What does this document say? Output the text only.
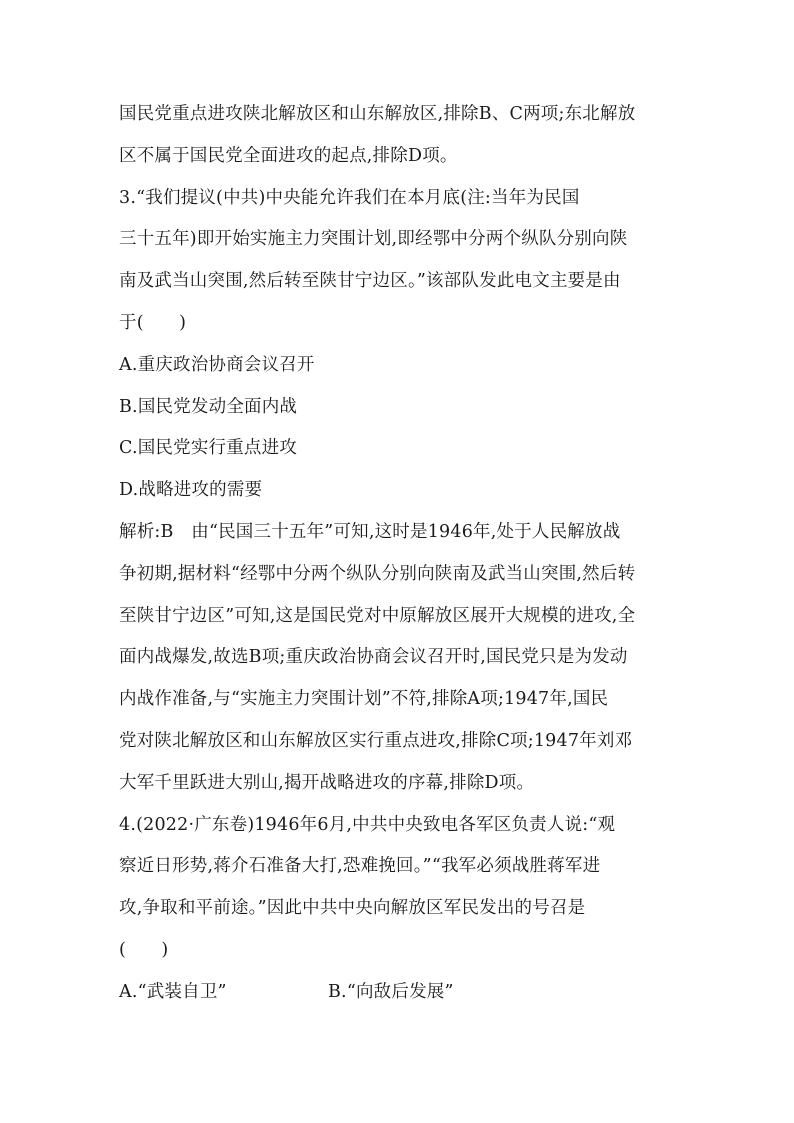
国民党重点进攻陕北解放区和山东解放区,排除B、C两项;东北解放
区不属于国民党全面进攻的起点,排除D项。
3.“我们提议(中共)中央能允许我们在本月底(注:当年为民国
三十五年)即开始实施主力突围计划,即经鄂中分两个纵队分别向陕
南及武当山突围,然后转至陕甘宁边区。”该部队发此电文主要是由
于(　　)
A.重庆政治协商会议召开
B.国民党发动全面内战
C.国民党实行重点进攻
D.战略进攻的需要
解析:B　由“民国三十五年”可知,这时是1946年,处于人民解放战
争初期,据材料“经鄂中分两个纵队分别向陕南及武当山突围,然后转
至陕甘宁边区”可知,这是国民党对中原解放区展开大规模的进攻,全
面内战爆发,故选B项;重庆政治协商会议召开时,国民党只是为发动
内战作准备,与“实施主力突围计划”不符,排除A项;1947年,国民
党对陕北解放区和山东解放区实行重点进攻,排除C项;1947年刘邓
大军千里跃进大别山,揭开战略进攻的序幕,排除D项。
4.(2022·广东卷)1946年6月,中共中央致电各军区负责人说:“观
察近日形势,蒋介石准备大打,恐难挽回。”“我军必须战胜蒋军进
攻,争取和平前途。”因此中共中央向解放区军民发出的号召是
(　　)
A.“武装自卫”	B.“向敌后发展”
